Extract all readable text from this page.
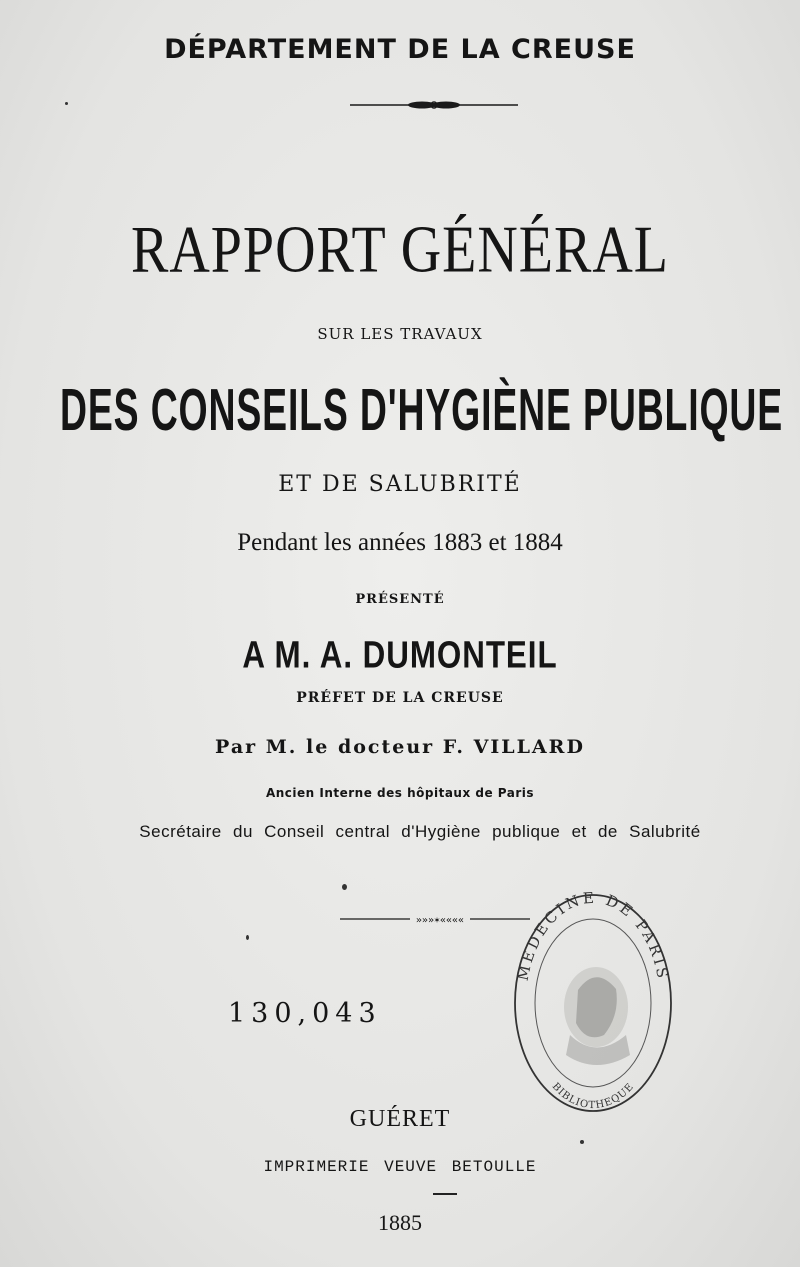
DÉPARTEMENT DE LA CREUSE
RAPPORT GÉNÉRAL
SUR LES TRAVAUX
DES CONSEILS D'HYGIÈNE PUBLIQUE
ET DE SALUBRITÉ
Pendant les années 1883 et 1884
PRÉSENTÉ
A M. A. DUMONTEIL
PRÉFET DE LA CREUSE
Par M. le docteur F. VILLARD
Ancien Interne des hôpitaux de Paris
Secrétaire du Conseil central d'Hygiène publique et de Salubrité
»»»✶««««
130,043
MEDECINE DE PARIS
BIBLIOTHEQUE
GUÉRET
IMPRIMERIE VEUVE BETOULLE
1885
